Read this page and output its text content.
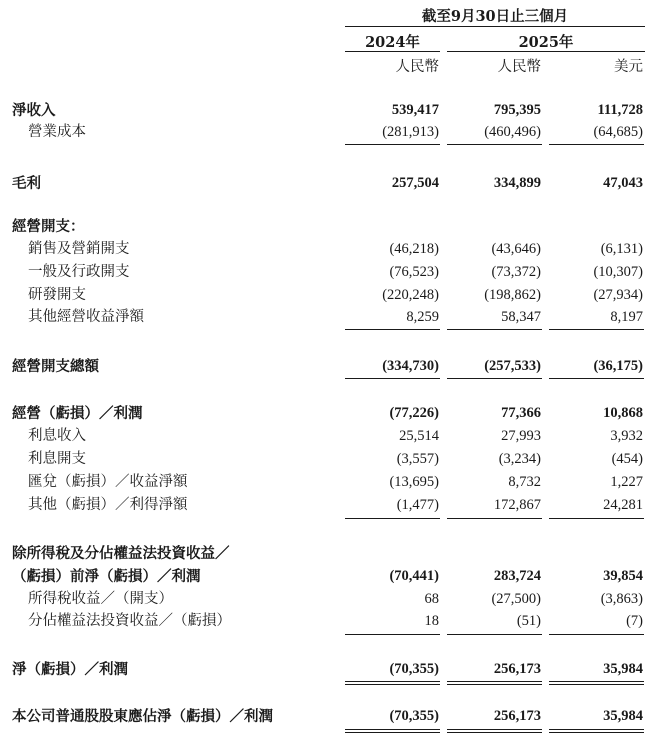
截至9月30日止三個月
2024年	2025年
人民幣	人民幣	美元
淨收入	539,417	795,395	111,728
營業成本	(281,913)	(460,496)	(64,685)
毛利	257,504	334,899	47,043
經營開支：
銷售及營銷開支	(46,218)	(43,646)	(6,131)
一般及行政開支	(76,523)	(73,372)	(10,307)
研發開支	(220,248)	(198,862)	(27,934)
其他經營收益淨額	8,259	58,347	8,197
經營開支總額	(334,730)	(257,533)	(36,175)
經營（虧損）／利潤	(77,226)	77,366	10,868
利息收入	25,514	27,993	3,932
利息開支	(3,557)	(3,234)	(454)
匯兌（虧損）／收益淨額	(13,695)	8,732	1,227
其他（虧損）／利得淨額	(1,477)	172,867	24,281
除所得稅及分佔權益法投資收益／
（虧損）前淨（虧損）／利潤	(70,441)	283,724	39,854
所得稅收益／（開支）	68	(27,500)	(3,863)
分佔權益法投資收益／（虧損）	18	(51)	(7)
淨（虧損）／利潤	(70,355)	256,173	35,984
本公司普通股股東應佔淨（虧損）／利潤	(70,355)	256,173	35,984
